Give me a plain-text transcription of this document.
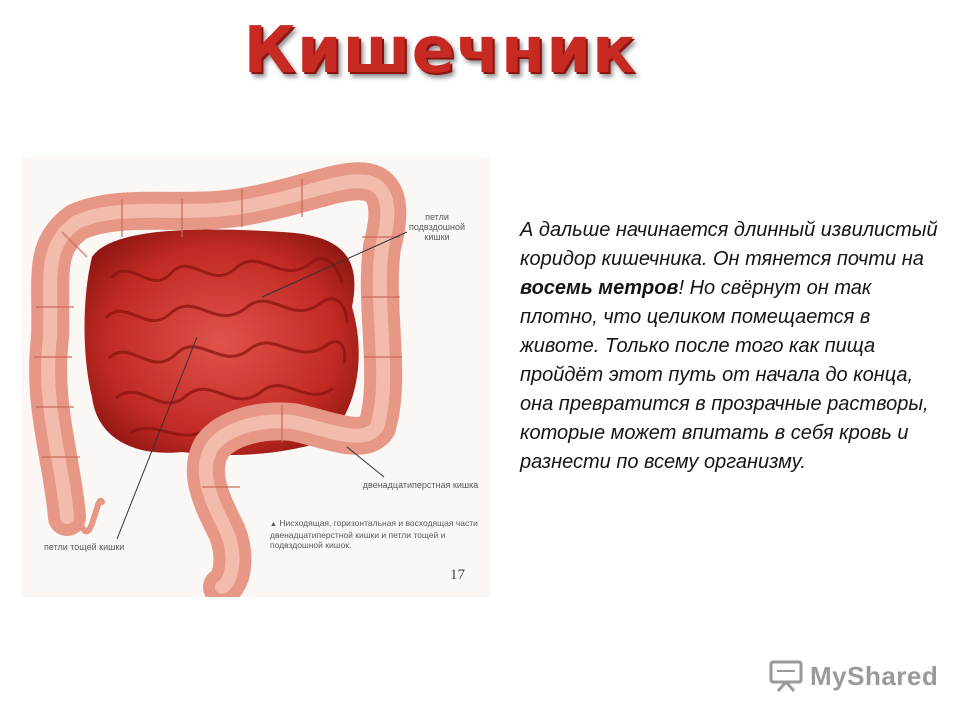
Кишечник
петли подвздошной кишки
двенадцатиперстная кишка
петли тощей кишки
▲ Нисходящая, горизонтальная и восходящая части двенадцатиперстной кишки и петли тощей и подвздошной кишок.
17
А дальше начинается длинный извилистый коридор кишечника. Он тянется почти на восемь метров! Но свёрнут он так плотно, что целиком помещается в животе. Только после того как пища пройдёт этот путь от начала до конца, она превратится в прозрачные растворы, которые может впитать в себя кровь и разнести по всему организму.
MyShared
